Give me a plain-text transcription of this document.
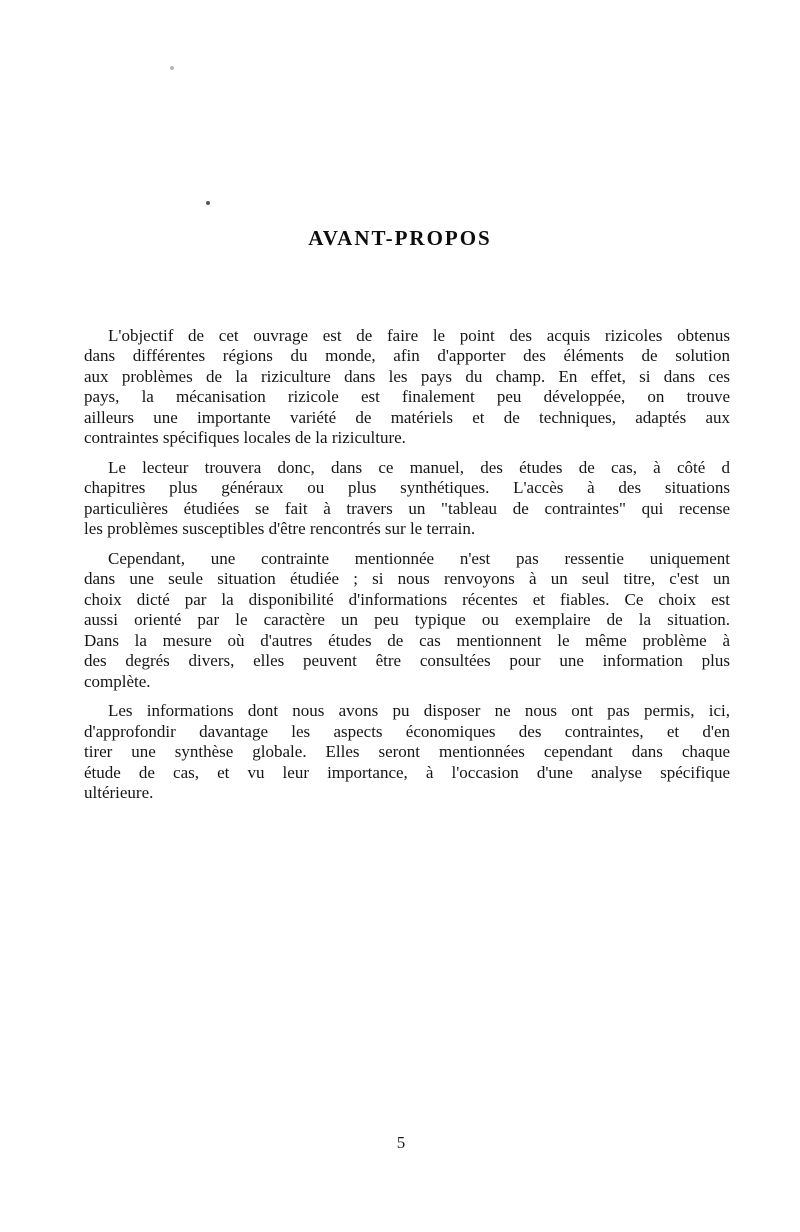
AVANT-PROPOS
L'objectif de cet ouvrage est de faire le point des acquis rizicoles obtenus
dans différentes régions du monde, afin d'apporter des éléments de solution
aux problèmes de la riziculture dans les pays du champ. En effet, si dans ces
pays, la mécanisation rizicole est finalement peu développée, on trouve
ailleurs une importante variété de matériels et de techniques, adaptés aux
contraintes spécifiques locales de la riziculture.
Le lecteur trouvera donc, dans ce manuel, des études de cas, à côté d
chapitres plus généraux ou plus synthétiques. L'accès à des situations
particulières étudiées se fait à travers un "tableau de contraintes" qui recense
les problèmes susceptibles d'être rencontrés sur le terrain.
Cependant, une contrainte mentionnée n'est pas ressentie uniquement
dans une seule situation étudiée ; si nous renvoyons à un seul titre, c'est un
choix dicté par la disponibilité d'informations récentes et fiables. Ce choix est
aussi orienté par le caractère un peu typique ou exemplaire de la situation.
Dans la mesure où d'autres études de cas mentionnent le même problème à
des degrés divers, elles peuvent être consultées pour une information plus
complète.
Les informations dont nous avons pu disposer ne nous ont pas permis, ici,
d'approfondir davantage les aspects économiques des contraintes, et d'en
tirer une synthèse globale. Elles seront mentionnées cependant dans chaque
étude de cas, et vu leur importance, à l'occasion d'une analyse spécifique
ultérieure.
5
